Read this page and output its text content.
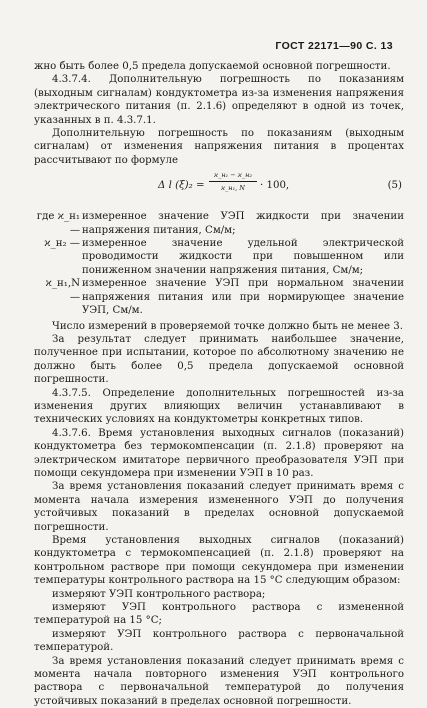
ГОСТ 22171—90 С. 13

жно быть более 0,5 предела допускаемой основной погрешности.

4.3.7.4. Дополнительную погрешность по показаниям (выходным сигналам) кондуктометра из-за изменения напряжения электрического питания (п. 2.1.6) определяют в одной из точек, указанных в п. 4.3.7.1.

Дополнительную погрешность по показаниям (выходным сигналам) от изменения напряжения питания в процентах рассчитывают по формуле

Δ l (ξ)₂ =
ϰ_н₁ − ϰ_н₂
ϰ_н₁, N	· 100,	(5)
где ϰ_н₁ —
измеренное значение УЭП жидкости при значении напряжения питания, См/м;
ϰ_н₂ — измеренное значение удельной электрической проводимости жидкости при повышенном или пониженном значении напряжения питания, См/м;
ϰ_н₁,N —
измеренное значение УЭП при нормальном значении напряжения питания или при нормирующее значение УЭП, См/м.

Число измерений в проверяемой точке должно быть не менее 3.

За результат следует принимать наибольшее значение, полученное при испытании, которое по абсолютному значению не должно быть более 0,5 предела допускаемой основной погрешности.

4.3.7.5. Определение дополнительных погрешностей из-за изменения других влияющих величин устанавливают в технических условиях на кондуктометры конкретных типов.

4.3.7.6. Время установления выходных сигналов (показаний) кондуктометра без термокомпенсации (п. 2.1.8) проверяют на электрическом имитаторе первичного преобразователя УЭП при помощи секундомера при изменении УЭП в 10 раз.

За время установления показаний следует принимать время с момента начала измерения измененного УЭП до получения устойчивых показаний в пределах основной допускаемой погрешности.

Время установления выходных сигналов (показаний) кондуктометра с термокомпенсацией (п. 2.1.8) проверяют на контрольном растворе при помощи секундомера при изменении температуры контрольного раствора на 15 °С следующим образом:

измеряют УЭП контрольного раствора;

измеряют УЭП контрольного раствора с измененной температурой на 15 °С;

измеряют УЭП контрольного раствора с первоначальной температурой.

За время установления показаний следует принимать время с момента начала повторного изменения УЭП контрольного раствора с первоначальной температурой до получения устойчивых показаний в пределах основной погрешности.
